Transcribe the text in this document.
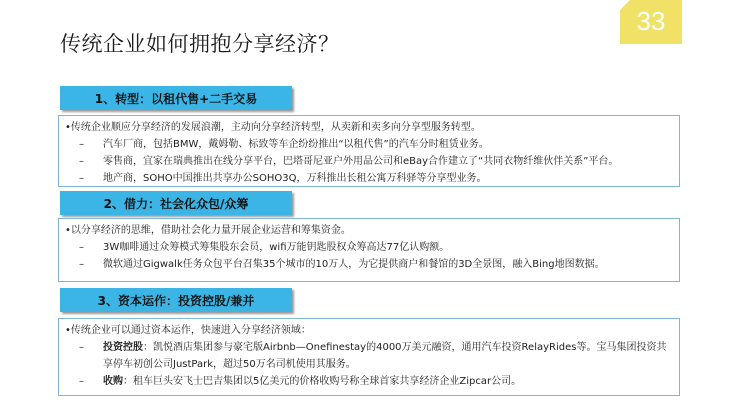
传统企业如何拥抱分享经济？
33
1、转型：以租代售+二手交易
•传统企业顺应分享经济的发展浪潮，主动向分享经济转型，从卖新和卖多向分享型服务转型。
–	汽车厂商，包括BMW，戴姆勒、标致等车企纷纷推出“以租代售”的汽车分时租赁业务。
–	零售商，宜家在瑞典推出在线分享平台，巴塔哥尼亚户外用品公司和eBay合作建立了“共同衣物纤维伙伴关系”平台。
–	地产商，SOHO中国推出共享办公SOHO3Q，万科推出长租公寓万科驿等分享型业务。
2、借力：社会化众包/众筹
•以分享经济的思维，借助社会化力量开展企业运营和筹集资金。
–	3W咖啡通过众筹模式筹集股东会员，wifi万能钥匙股权众筹高达77亿认购额。
–	微软通过Gigwalk任务众包平台召集35个城市的10万人，为它提供商户和餐馆的3D全景图，融入Bing地图数据。
3、资本运作：投资控股/兼并
•传统企业可以通过资本运作，快速进入分享经济领域：
–	投资控股：凯悦酒店集团参与豪宅版Airbnb—Onefinestay的4000万美元融资，通用汽车投资RelayRides等。宝马集团投资共享停车初创公司JustPark，超过50万名司机使用其服务。
–	收购：租车巨头安飞士巴吉集团以5亿美元的价格收购号称全球首家共享经济企业Zipcar公司。
